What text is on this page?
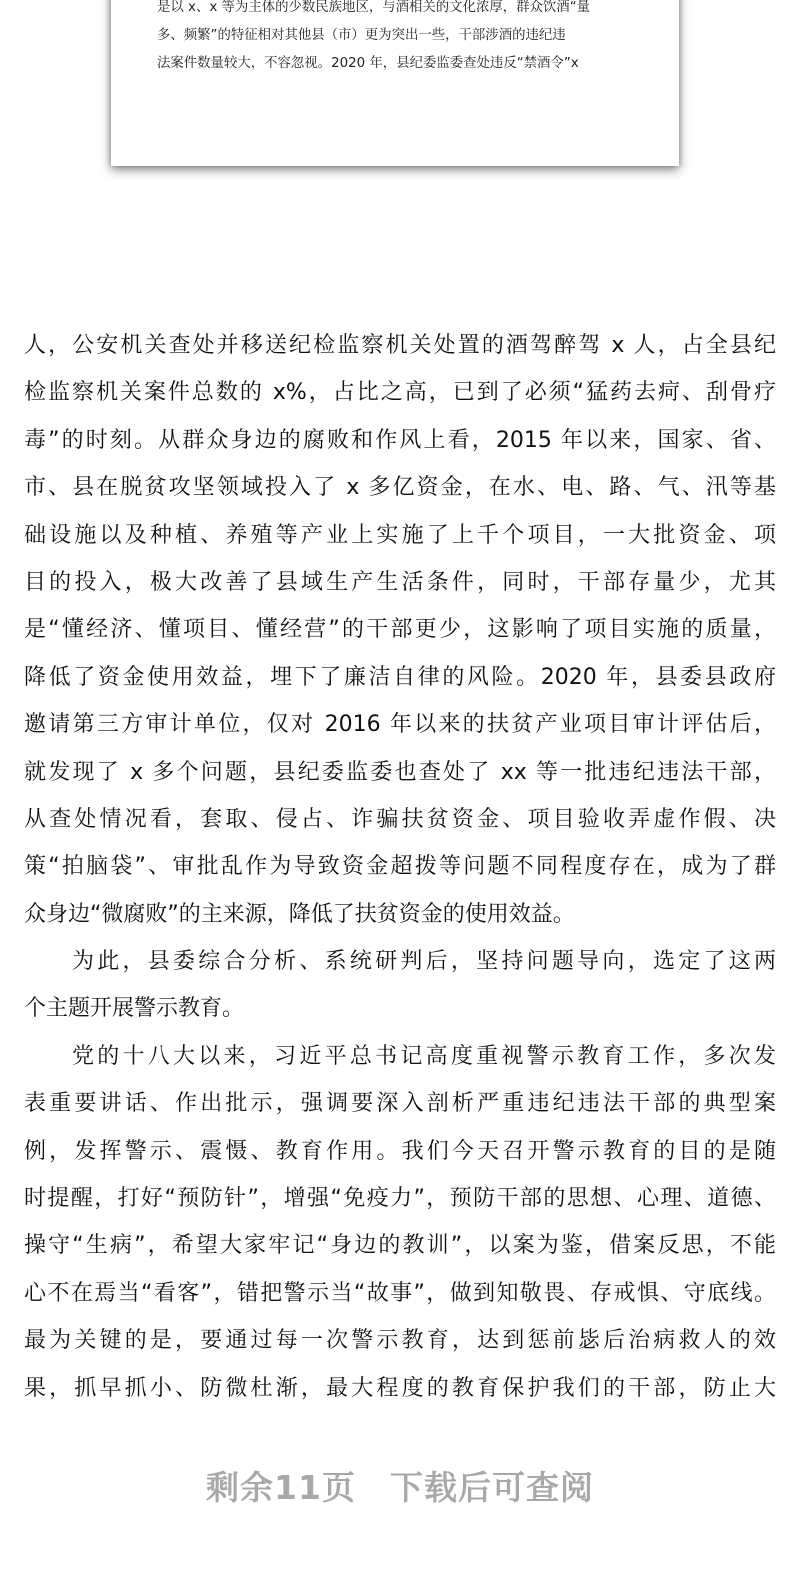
是以 x、x 等为主体的少数民族地区，与酒相关的文化浓厚，群众饮酒“量
多、频繁”的特征相对其他县（市）更为突出一些，干部涉酒的违纪违
法案件数量较大，不容忽视。2020 年，县纪委监委查处违反“禁酒令”x
人，公安机关查处并移送纪检监察机关处置的酒驾醉驾 x 人，占全县纪
检监察机关案件总数的 x%，占比之高，已到了必须“猛药去疴、刮骨疗
毒”的时刻。从群众身边的腐败和作风上看，2015 年以来，国家、省、
市、县在脱贫攻坚领域投入了 x 多亿资金，在水、电、路、气、汛等基
础设施以及种植、养殖等产业上实施了上千个项目，一大批资金、项
目的投入，极大改善了县域生产生活条件，同时，干部存量少，尤其
是“懂经济、懂项目、懂经营”的干部更少，这影响了项目实施的质量，
降低了资金使用效益，埋下了廉洁自律的风险。2020 年，县委县政府
邀请第三方审计单位，仅对 2016 年以来的扶贫产业项目审计评估后，
就发现了 x 多个问题，县纪委监委也查处了 xx 等一批违纪违法干部，
从查处情况看，套取、侵占、诈骗扶贫资金、项目验收弄虚作假、决
策“拍脑袋”、审批乱作为导致资金超拨等问题不同程度存在，成为了群
众身边“微腐败”的主来源，降低了扶贫资金的使用效益。
为此，县委综合分析、系统研判后，坚持问题导向，选定了这两
个主题开展警示教育。
党的十八大以来，习近平总书记高度重视警示教育工作，多次发
表重要讲话、作出批示，强调要深入剖析严重违纪违法干部的典型案
例，发挥警示、震慑、教育作用。我们今天召开警示教育的目的是随
时提醒，打好“预防针”，增强“免疫力”，预防干部的思想、心理、道德、
操守“生病”，希望大家牢记“身边的教训”，以案为鉴，借案反思，不能
心不在焉当“看客”，错把警示当“故事”，做到知敬畏、存戒惧、守底线。
最为关键的是，要通过每一次警示教育，达到惩前毖后治病救人的效
果，抓早抓小、防微杜渐，最大程度的教育保护我们的干部，防止大
剩余11页 下载后可查阅
